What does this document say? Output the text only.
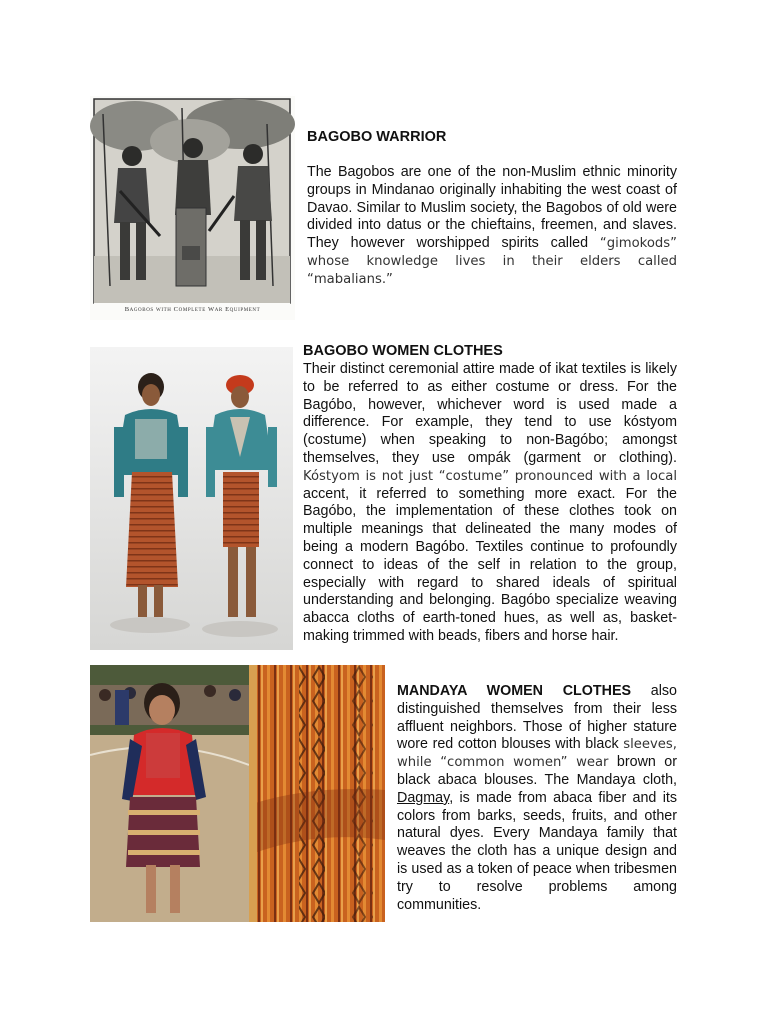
Bagobos with Complete War Equipment
BAGOBO WARRIOR
The Bagobos are one of the non-Muslim ethnic minority groups in Mindanao originally inhabiting the west coast of Davao. Similar to Muslim society, the Bagobos of old were divided into datus or the chieftains, freemen, and slaves. They however worshipped spirits called “gimokods” whose knowledge lives in their elders called “mabalians.”
BAGOBO WOMEN CLOTHES
Their distinct ceremonial attire made of ikat textiles is likely to be referred to as either costume or dress. For the Bagóbo, however, whichever word is used made a difference. For example, they tend to use kóstyom (costume) when speaking to non-Bagóbo; amongst themselves, they use ompák (garment or clothing). Kóstyom is not just “costume” pronounced with a local accent, it referred to something more exact. For the Bagóbo, the implementation of these clothes took on multiple meanings that delineated the many modes of being a modern Bagóbo. Textiles continue to profoundly connect to ideas of the self in relation to the group, especially with regard to shared ideals of spiritual understanding and belonging. Bagóbo specialize weaving abacca cloths of earth-toned hues, as well as, basket-making trimmed with beads, fibers and horse hair.
MANDAYA WOMEN CLOTHES also distinguished themselves from their less affluent neighbors. Those of higher stature wore red cotton blouses with black sleeves, while “common women” wear brown or black abaca blouses. The Mandaya cloth, Dagmay, is made from abaca fiber and its colors from barks, seeds, fruits, and other natural dyes. Every Mandaya family that weaves the cloth has a unique design and is used as a token of peace when tribesmen try to resolve problems among communities.
